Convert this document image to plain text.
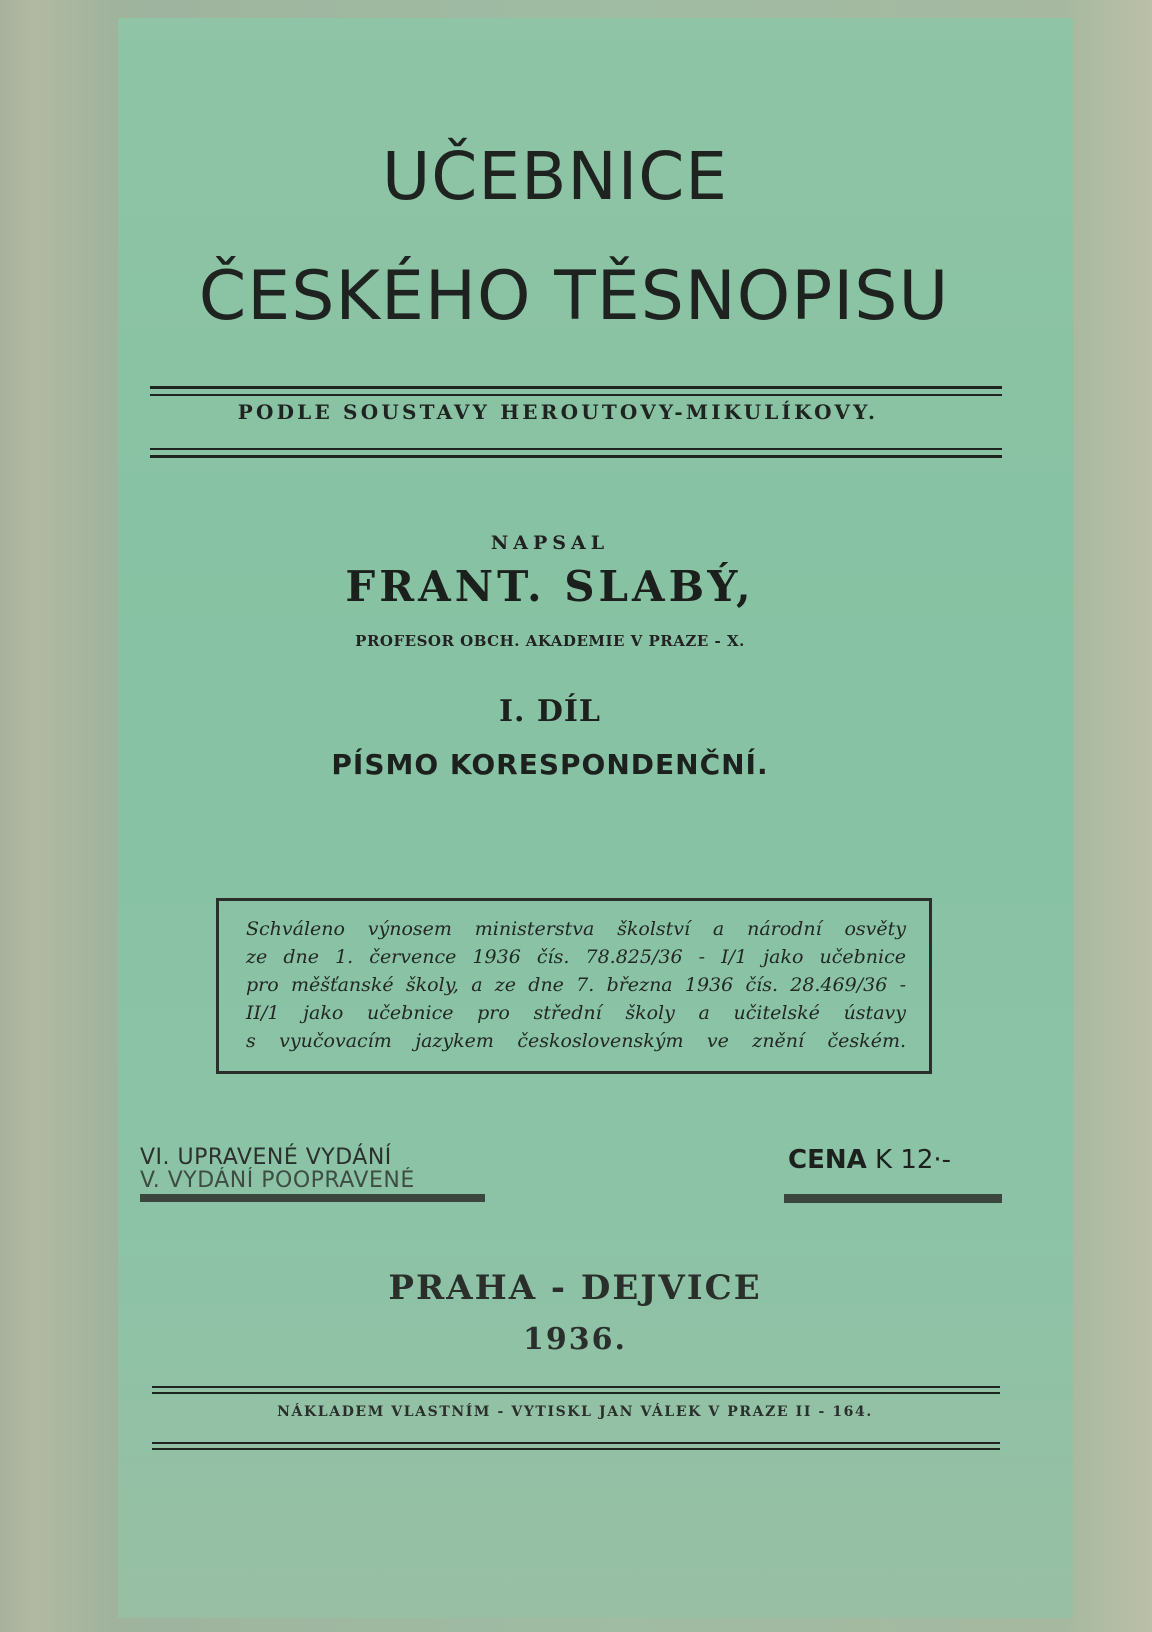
UČEBNICE
ČESKÉHO TĚSNOPISU
PODLE SOUSTAVY HEROUTOVY-MIKULÍKOVY.
NAPSAL
FRANT. SLABÝ,
PROFESOR OBCH. AKADEMIE V PRAZE - X.
I. DÍL
PÍSMO KORESPONDENČNÍ.
Schváleno výnosem ministerstva školství a národní osvěty
ze dne 1. července 1936 čís. 78.825/36 - I/1 jako učebnice
pro měšťanské školy, a ze dne 7. března 1936 čís. 28.469/36 -
II/1 jako učebnice pro střední školy a učitelské ústavy
s vyučovacím jazykem československým ve znění českém.
VI. UPRAVENÉ VYDÁNÍ
V. VYDÁNÍ POOPRAVENÉ
CENA K 12·-
PRAHA - DEJVICE
1936.
NÁKLADEM VLASTNÍM - VYTISKL JAN VÁLEK V PRAZE II - 164.
